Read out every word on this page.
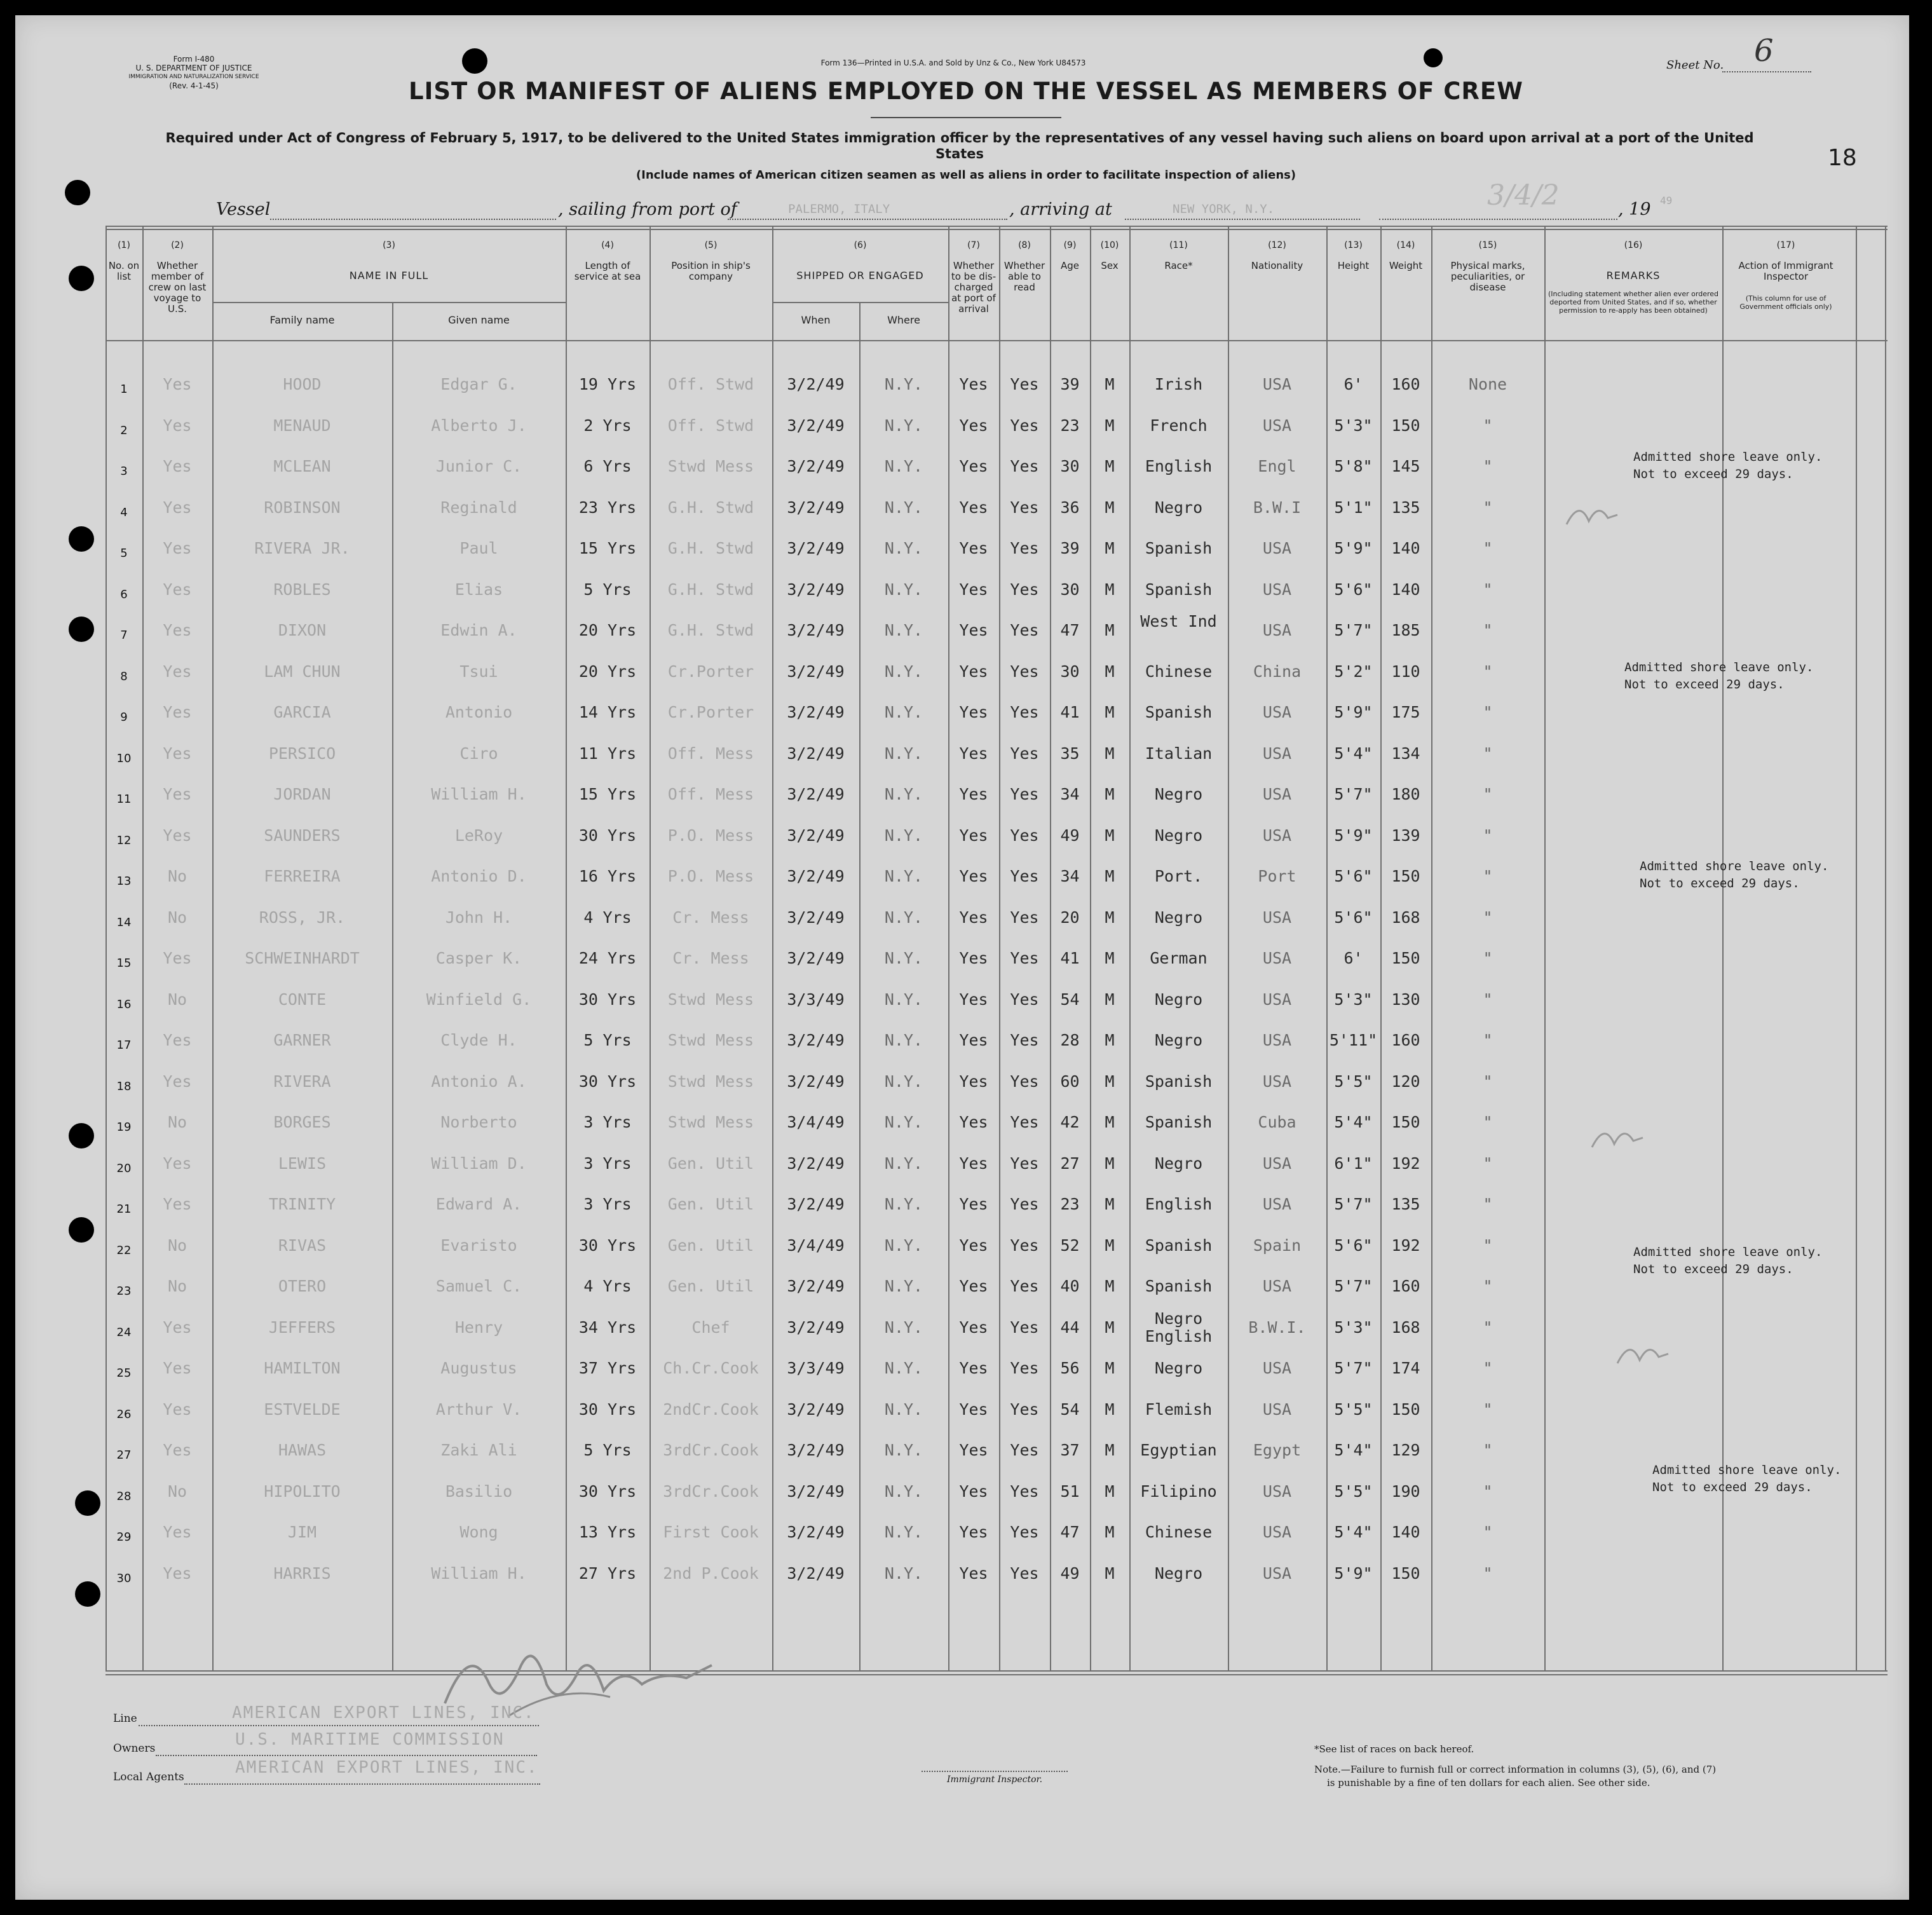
Form I-480
U. S. DEPARTMENT OF JUSTICE
IMMIGRATION AND NATURALIZATION SERVICE
(Rev. 4-1-45)
Form 136—Printed in U.S.A. and Sold by Unz & Co., New York U84573	Sheet No. 6
18
LIST OR MANIFEST OF ALIENS EMPLOYED ON THE VESSEL AS MEMBERS OF CREW
Required under Act of Congress of February 5, 1917, to be delivered to the United States immigration officer by the representatives of any vessel having such aliens on board upon arrival at a port of the United States
(Include names of American citizen seamen as well as aliens in order to facilitate inspection of aliens)
Vessel	, sailing from port of	PALERMO, ITALY	, arriving at	NEW YORK, N.Y.	3/4/2	, 19 49
(1)
No. on list
(2)
Whether member of crew on last voyage to U.S.
(3)
NAME IN FULL
(4)
Length of service at sea
(5)
Position in ship's company
(6)
SHIPPED OR ENGAGED
(7)
Whether to be dis-charged at port of arrival
(8)
Whether able to read
(9)
Age
(10)
Sex
(11)
Race*
(12)
Nationality
(13)
Height
(14)
Weight
(15)
Physical marks, peculiarities, or disease
(16)
REMARKS
(17)
Action of Immigrant Inspector
Family name	Given name	When	Where
(Including statement whether alien ever ordered deported from United States, and if so, whether permission to re-apply has been obtained)
(This column for use of Government officials only)
1	Yes	HOOD	Edgar G.	19 Yrs	Off. Stwd	3/2/49	N.Y.	Yes	Yes	39	M	Irish	USA	6'	160	None
2	Yes	MENAUD	Alberto J.	2 Yrs	Off. Stwd	3/2/49	N.Y.	Yes	Yes	23	M	French	USA	5'3"	150	"
3	Yes	MCLEAN	Junior C.	6 Yrs	Stwd Mess	3/2/49	N.Y.	Yes	Yes	30	M	English	Engl	5'8"	145	"
4	Yes	ROBINSON	Reginald	23 Yrs	G.H. Stwd	3/2/49	N.Y.	Yes	Yes	36	M	Negro	B.W.I	5'1"	135	"
5	Yes	RIVERA JR.	Paul	15 Yrs	G.H. Stwd	3/2/49	N.Y.	Yes	Yes	39	M	Spanish	USA	5'9"	140	"
6	Yes	ROBLES	Elias	5 Yrs	G.H. Stwd	3/2/49	N.Y.	Yes	Yes	30	M	Spanish	USA	5'6"	140	"
7	Yes	DIXON	Edwin A.	20 Yrs	G.H. Stwd	3/2/49	N.Y.	Yes	Yes	47	M	West Ind	USA	5'7"	185	"
8	Yes	LAM CHUN	Tsui	20 Yrs	Cr.Porter	3/2/49	N.Y.	Yes	Yes	30	M	Chinese	China	5'2"	110	"
9	Yes	GARCIA	Antonio	14 Yrs	Cr.Porter	3/2/49	N.Y.	Yes	Yes	41	M	Spanish	USA	5'9"	175	"
10	Yes	PERSICO	Ciro	11 Yrs	Off. Mess	3/2/49	N.Y.	Yes	Yes	35	M	Italian	USA	5'4"	134	"
11	Yes	JORDAN	William H.	15 Yrs	Off. Mess	3/2/49	N.Y.	Yes	Yes	34	M	Negro	USA	5'7"	180	"
12	Yes	SAUNDERS	LeRoy	30 Yrs	P.O. Mess	3/2/49	N.Y.	Yes	Yes	49	M	Negro	USA	5'9"	139	"
13	No	FERREIRA	Antonio D.	16 Yrs	P.O. Mess	3/2/49	N.Y.	Yes	Yes	34	M	Port.	Port	5'6"	150	"
14	No	ROSS, JR.	John H.	4 Yrs	Cr. Mess	3/2/49	N.Y.	Yes	Yes	20	M	Negro	USA	5'6"	168	"
15	Yes	SCHWEINHARDT	Casper K.	24 Yrs	Cr. Mess	3/2/49	N.Y.	Yes	Yes	41	M	German	USA	6'	150	"
16	No	CONTE	Winfield G.	30 Yrs	Stwd Mess	3/3/49	N.Y.	Yes	Yes	54	M	Negro	USA	5'3"	130	"
17	Yes	GARNER	Clyde H.	5 Yrs	Stwd Mess	3/2/49	N.Y.	Yes	Yes	28	M	Negro	USA	5'11" 160	"
18	Yes	RIVERA	Antonio A.	30 Yrs	Stwd Mess	3/2/49	N.Y.	Yes	Yes	60	M	Spanish	USA	5'5"	120	"
19	No	BORGES	Norberto	3 Yrs	Stwd Mess	3/4/49	N.Y.	Yes	Yes	42	M	Spanish	Cuba	5'4"	150	"
20	Yes	LEWIS	William D.	3 Yrs	Gen. Util	3/2/49	N.Y.	Yes	Yes	27	M	Negro	USA	6'1"	192	"
21	Yes	TRINITY	Edward A.	3 Yrs	Gen. Util	3/2/49	N.Y.	Yes	Yes	23	M	English	USA	5'7"	135	"
22	No	RIVAS	Evaristo	30 Yrs	Gen. Util	3/4/49	N.Y.	Yes	Yes	52	M	Spanish	Spain	5'6"	192	"
23	No	OTERO	Samuel C.	4 Yrs	Gen. Util	3/2/49	N.Y.	Yes	Yes	40	M	Spanish	USA	5'7"	160	"
24	Yes	JEFFERS	Henry	34 Yrs	Chef	3/2/49	N.Y.	Yes	Yes	44	M	Negro English	B.W.I.	5'3"	168	"
25	Yes	HAMILTON	Augustus	37 Yrs	Ch.Cr.Cook	3/3/49	N.Y.	Yes	Yes	56	M	Negro	USA	5'7"	174	"
26	Yes	ESTVELDE	Arthur V.	30 Yrs	2ndCr.Cook	3/2/49	N.Y.	Yes	Yes	54	M	Flemish	USA	5'5"	150	"
27	Yes	HAWAS	Zaki Ali	5 Yrs	3rdCr.Cook	3/2/49	N.Y.	Yes	Yes	37	M	Egyptian	Egypt	5'4"	129	"
28	No	HIPOLITO	Basilio	30 Yrs	3rdCr.Cook	3/2/49	N.Y.	Yes	Yes	51	M	Filipino	USA	5'5"	190	"
29	Yes	JIM	Wong	13 Yrs	First Cook	3/2/49	N.Y.	Yes	Yes	47	M	Chinese	USA	5'4"	140	"
30	Yes	HARRIS	William H.	27 Yrs	2nd P.Cook	3/2/49	N.Y.	Yes	Yes	49	M	Negro	USA	5'9"	150	"
Admitted shore leave only.
Not to exceed 29 days.
Admitted shore leave only.
Not to exceed 29 days.
Admitted shore leave only.
Not to exceed 29 days.
Admitted shore leave only.
Not to exceed 29 days.
Admitted shore leave only.
Not to exceed 29 days.
Line	AMERICAN EXPORT LINES, INC.
Owners	U.S. MARITIME COMMISSION
Local Agents	AMERICAN EXPORT LINES, INC.
Immigrant Inspector.
*See list of races on back hereof.
Note.—Failure to furnish full or correct information in columns (3), (5), (6), and (7)
is punishable by a fine of ten dollars for each alien. See other side.
